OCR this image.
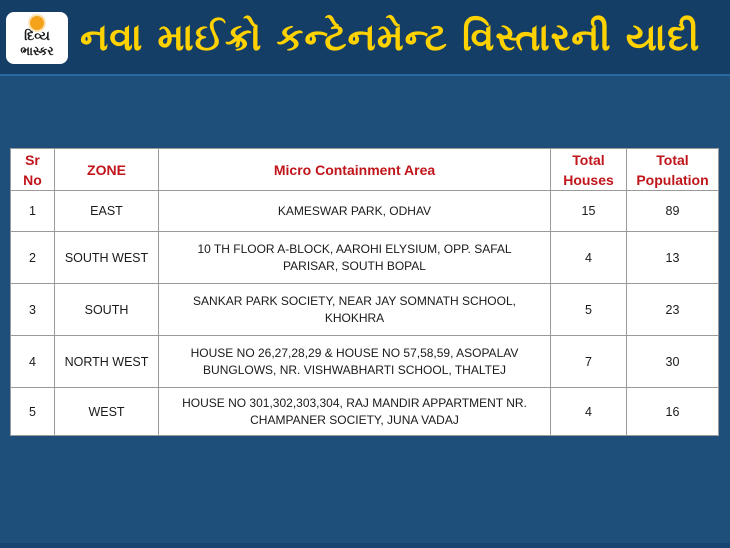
દિવ્ય
ભાસ્કર નવા માઈક્રો કન્ટેનમેન્ટ વિસ્તારની યાદી
Sr No	ZONE	Micro Containment Area	Total Houses	Total Population
1	EAST	KAMESWAR PARK, ODHAV	15	89
2	SOUTH WEST	10 TH FLOOR A-BLOCK, AAROHI ELYSIUM, OPP. SAFAL PARISAR, SOUTH BOPAL	4	13
3	SOUTH	SANKAR PARK SOCIETY, NEAR JAY SOMNATH SCHOOL, KHOKHRA	5	23
4	NORTH WEST	HOUSE NO 26,27,28,29 & HOUSE NO 57,58,59, ASOPALAV BUNGLOWS, NR. VISHWABHARTI SCHOOL, THALTEJ	7	30
5	WEST	HOUSE NO 301,302,303,304, RAJ MANDIR APPARTMENT NR. CHAMPANER SOCIETY, JUNA VADAJ	4	16
